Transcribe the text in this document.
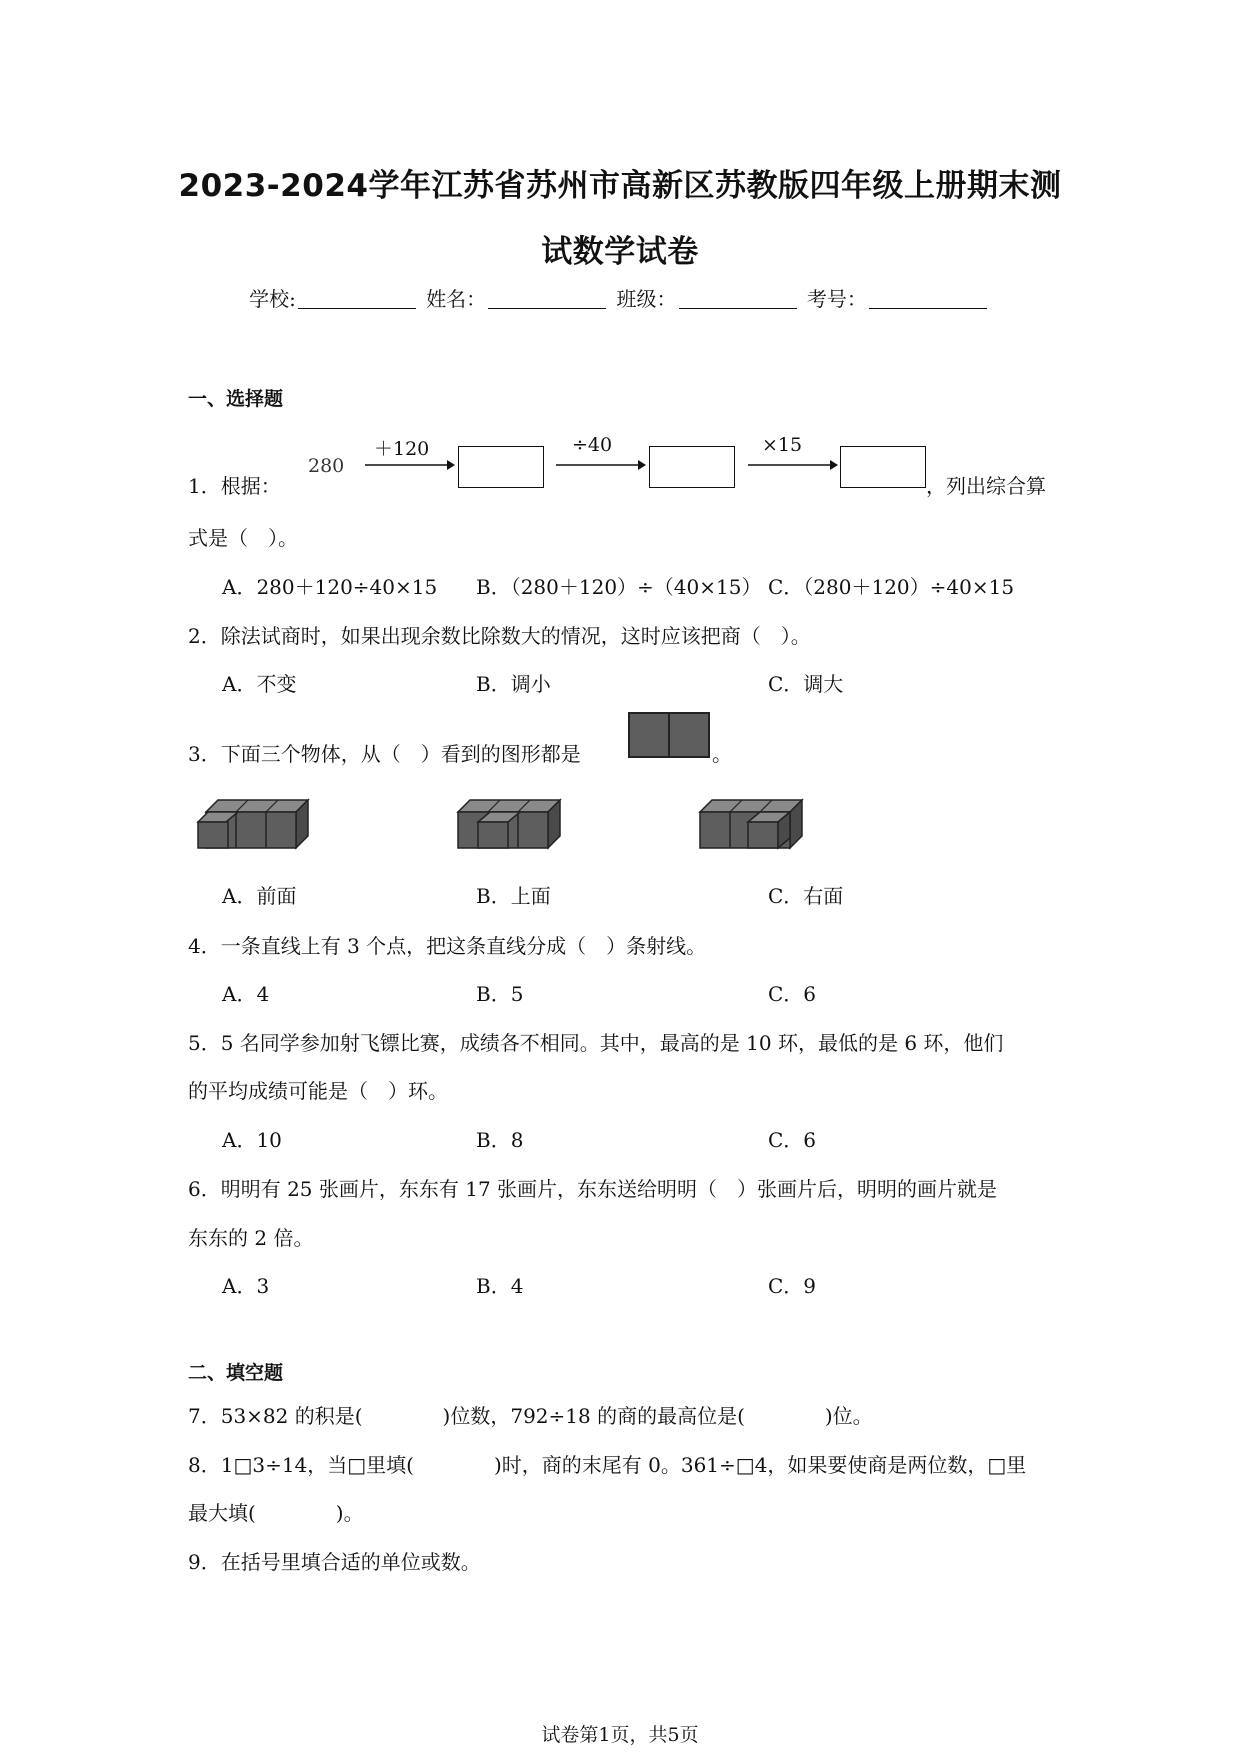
2023-2024学年江苏省苏州市高新区苏教版四年级上册期末测
试数学试卷
学校:	姓名：	班级：	考号：
一、选择题
1．根据：
280
＋120	÷40	×15
，列出综合算
式是（　）。
A．280＋120÷40×15 B．（280＋120）÷（40×15） C．（280＋120）÷40×15
2．除法试商时，如果出现余数比除数大的情况，这时应该把商（　）。
A．不变	B．调小	C．调大
3．下面三个物体，从（　）看到的图形都是	。
A．前面	B．上面	C．右面
4．一条直线上有 3 个点，把这条直线分成（　）条射线。
A．4	B．5	C．6
5．5 名同学参加射飞镖比赛，成绩各不相同。其中，最高的是 10 环，最低的是 6 环，他们
的平均成绩可能是（　）环。
A．10	B．8	C．6
6．明明有 25 张画片，东东有 17 张画片，东东送给明明（　）张画片后，明明的画片就是
东东的 2 倍。
A．3	B．4	C．9
二、填空题
7．53×82 的积是(　　　　)位数，792÷18 的商的最高位是(　　　　)位。
8．1□3÷14，当□里填(　　　　)时，商的末尾有 0。361÷□4，如果要使商是两位数，□里
最大填(　　　　)。
9．在括号里填合适的单位或数。
试卷第1页，共5页
